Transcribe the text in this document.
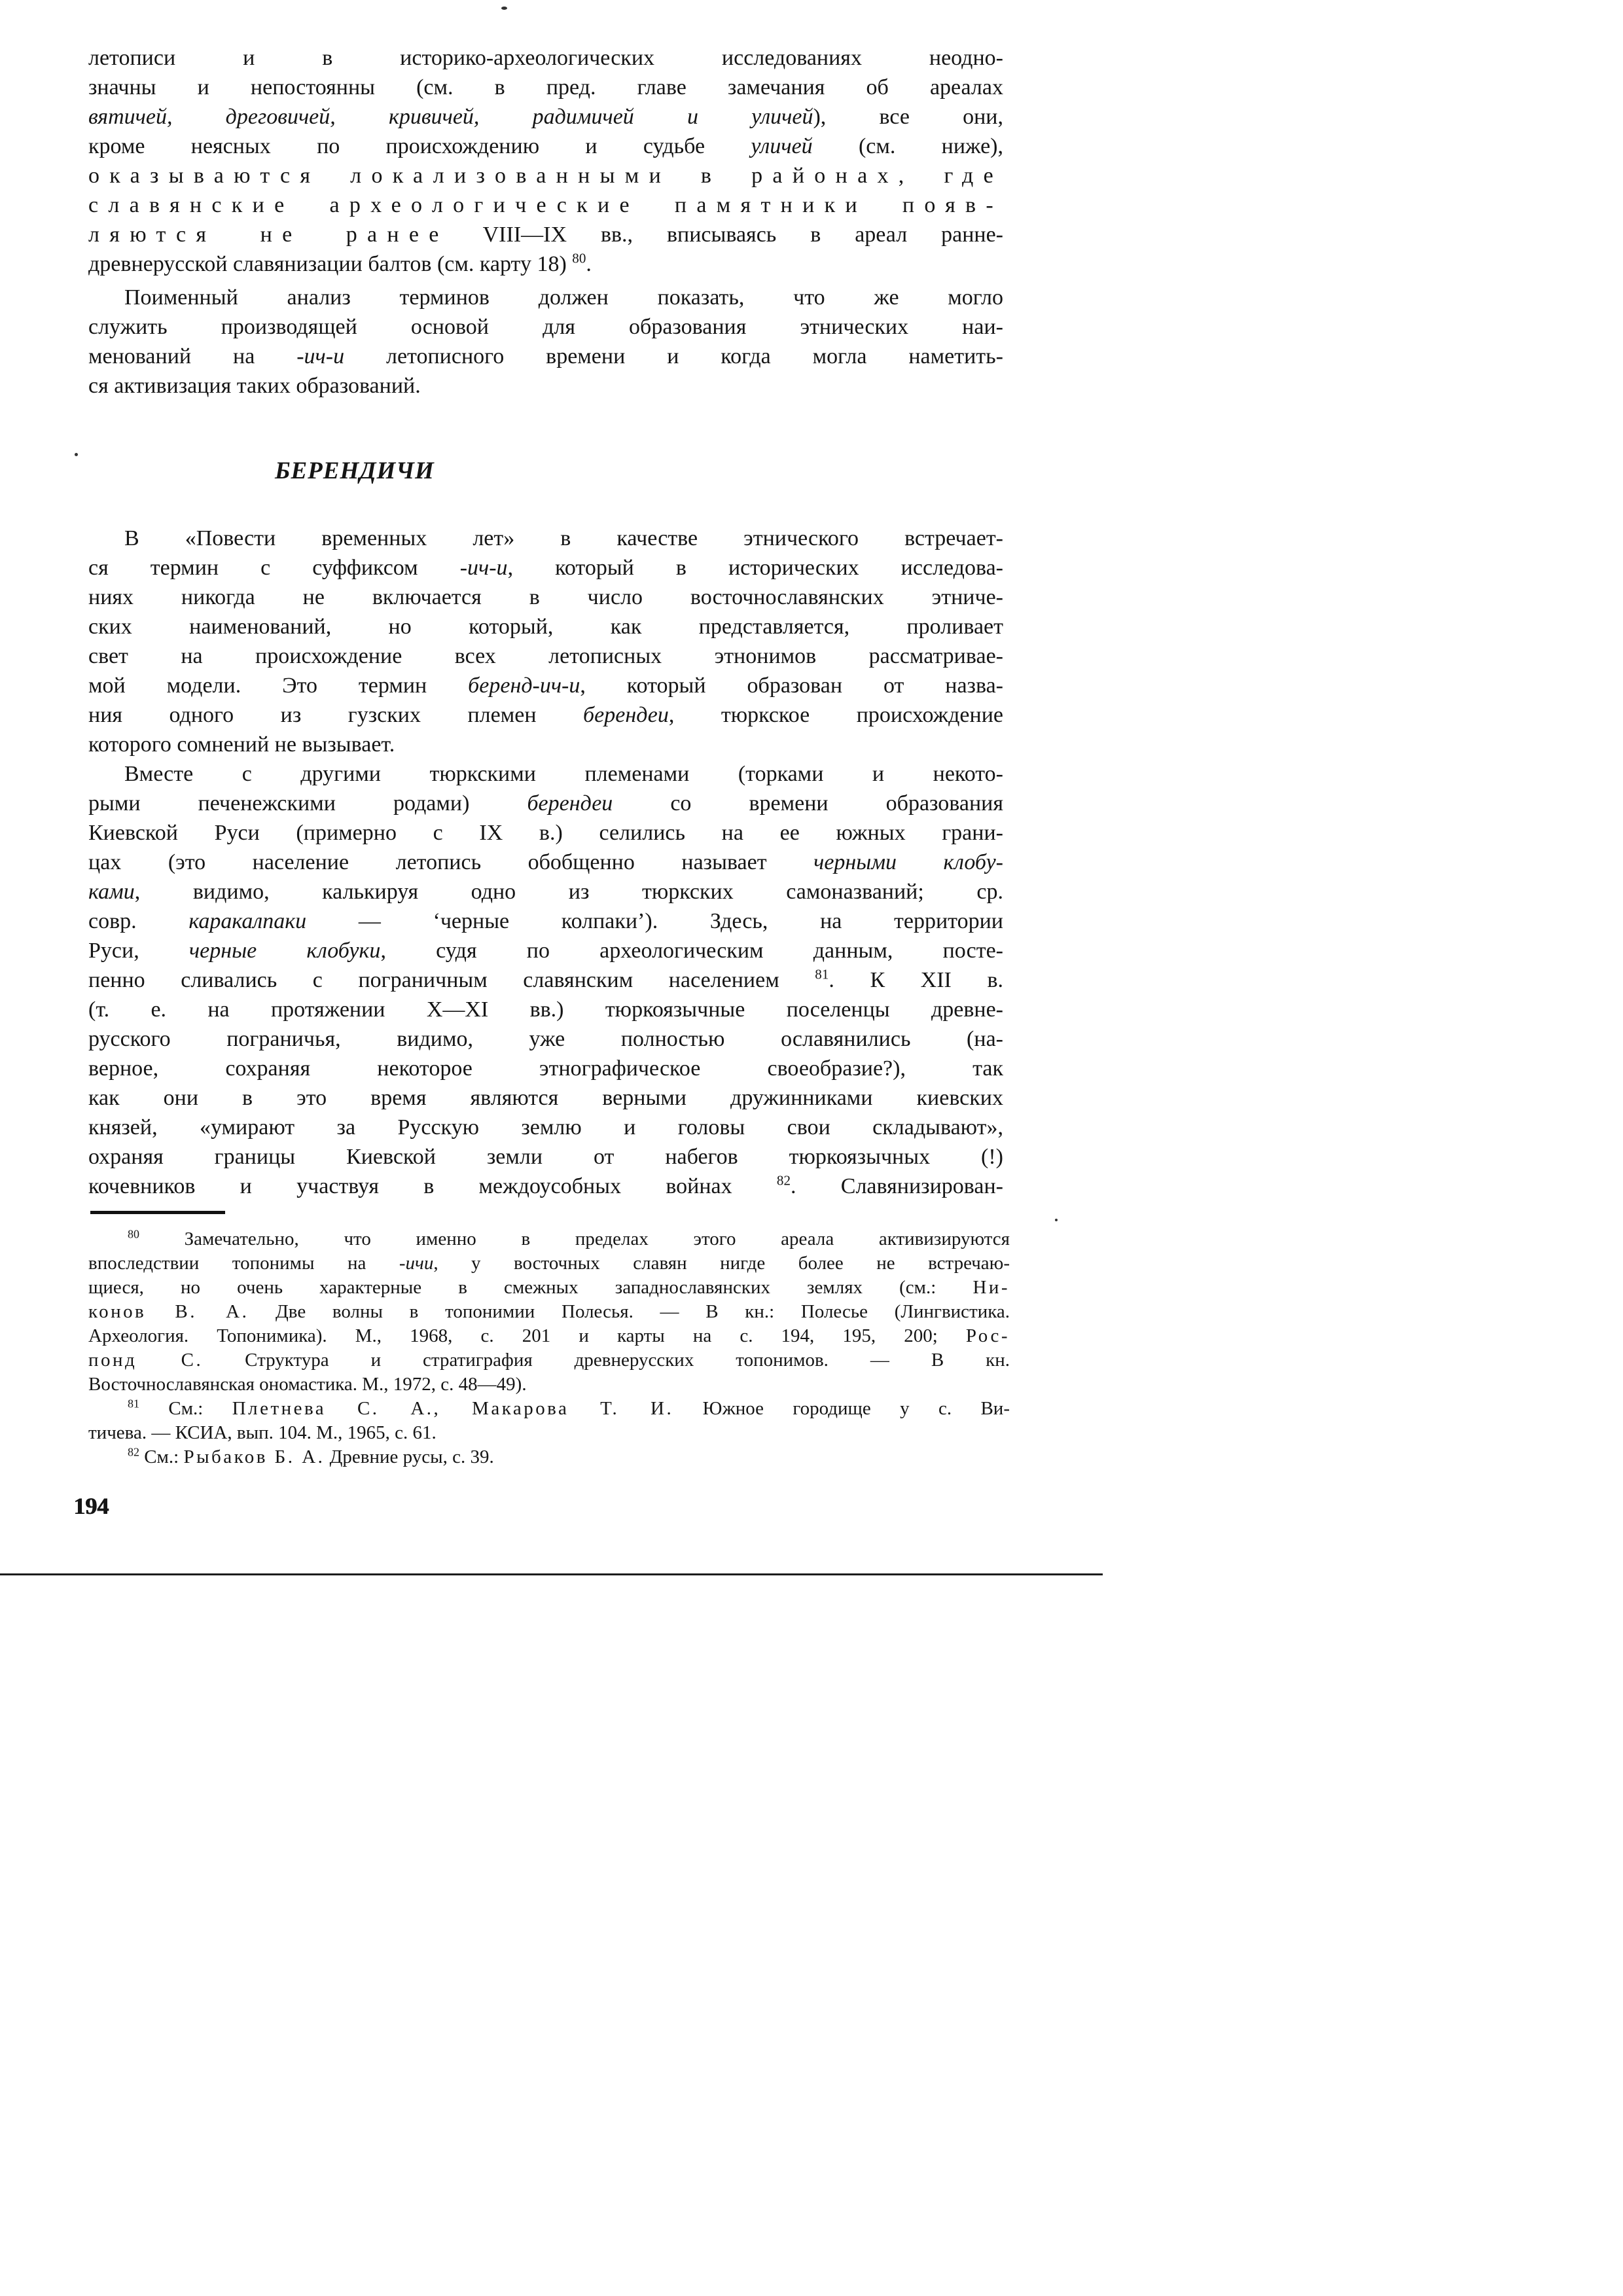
летописи и в историко-археологических исследованиях неодно-
значны и непостоянны (см. в пред. главе замечания об ареалах
вятичей, дреговичей, кривичей, радимичей и уличей), все они,
кроме неясных по происхождению и судьбе уличей (см. ниже),
оказываются локализованными в районах, где
славянские археологические памятники появ-
ляются не ранее VIII—IX вв., вписываясь в ареал ранне-
древнерусской славянизации балтов (см. карту 18) $^{80}$.
Поименный анализ терминов должен показать, что же могло
служить производящей основой для образования этнических наи-
менований на -ич-и летописного времени и когда могла наметить-
ся активизация таких образований.
В «Повести временных лет» в качестве этнического встречает-
ся термин с суффиксом -ич-и, который в исторических исследова-
ниях никогда не включается в число восточнославянских этниче-
ских наименований, но который, как представляется, проливает
свет на происхождение всех летописных этнонимов рассматривае-
мой модели. Это термин беренд-ич-и, который образован от назва-
ния одного из гузских племен берендеи, тюркское происхождение
которого сомнений не вызывает.
Вместе с другими тюркскими племенами (торками и некото-
рыми печенежскими родами) берендеи со времени образования
Киевской Руси (примерно с IX в.) селились на ее южных грани-
цах (это население летопись обобщенно называет черными клобу-
ками, видимо, калькируя одно из тюркских самоназваний; ср.
совр. каракалпаки — ‘черные колпаки’). Здесь, на территории
Руси, черные клобуки, судя по археологическим данным, посте-
пенно сливались с пограничным славянским населением $^{81}$. К XII в.
(т. е. на протяжении X—XI вв.) тюркоязычные поселенцы древне-
русского пограничья, видимо, уже полностью ославянились (на-
верное, сохраняя некоторое этнографическое своеобразие?), так
как они в это время являются верными дружинниками киевских
князей, «умирают за Русскую землю и головы свои складывают»,
охраняя границы Киевской земли от набегов тюркоязычных (!)
кочевников и участвуя в междоусобных войнах $^{82}$. Славянизирован-
БЕРЕНДИЧИ
$^{80}$ Замечательно, что именно в пределах этого ареала активизируются
впоследствии топонимы на -ичи, у восточных славян нигде более не встречаю-
щиеся, но очень характерные в смежных западнославянских землях (см.: Ни-
конов В. А. Две волны в топонимии Полесья. — В кн.: Полесье (Лингвистика.
Археология. Топонимика). М., 1968, с. 201 и карты на с. 194, 195, 200; Рос-
понд С. Структура и стратиграфия древнерусских топонимов. — В кн.
Восточнославянская ономастика. М., 1972, с. 48—49).
$^{81}$ См.: Плетнева С. А., Макарова Т. И. Южное городище у с. Ви-
тичева. — КСИА, вып. 104. М., 1965, с. 61.
$^{82}$ См.: Рыбаков Б. А. Древние русы, с. 39.
194
